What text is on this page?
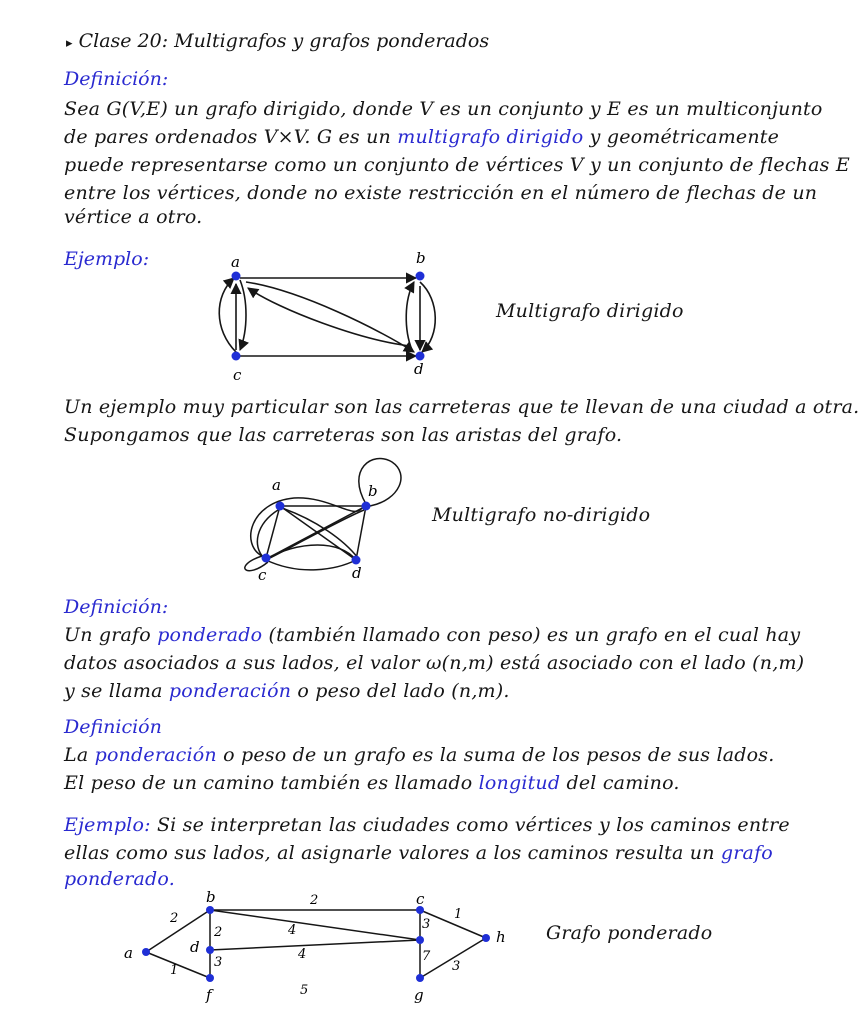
▸ Clase 20: Multigrafos y grafos ponderados
Definición:
Sea G(V,E) un grafo dirigido, donde V es un conjunto y E es un multiconjunto
de pares ordenados V×V. G es un multigrafo dirigido y geométricamente
puede representarse como un conjunto de vértices V y un conjunto de flechas E
entre los vértices, donde no existe restricción en el número de flechas de un
vértice a otro.
Ejemplo:
Multigrafo dirigido
a	b
c	d
Un ejemplo muy particular son las carreteras que te llevan de una ciudad a otra.
Supongamos que las carreteras son las aristas del grafo.
a	b
c	d
Multigrafo no-dirigido
Definición:
Un grafo ponderado (también llamado con peso) es un grafo en el cual hay
datos asociados a sus lados, el valor ω(n,m) está asociado con el lado (n,m)
y se llama ponderación o peso del lado (n,m).
Definición
La ponderación o peso de un grafo es la suma de los pesos de sus lados.
El peso de un camino también es llamado longitud del camino.
Ejemplo: Si se interpretan las ciudades como vértices y los caminos entre
ellas como sus lados, al asignarle valores a los caminos resulta un grafo
ponderado.
a
b	c
d
f	g
h
2
1
2
2
3
4
4
3
7
1
3
5
Grafo ponderado
